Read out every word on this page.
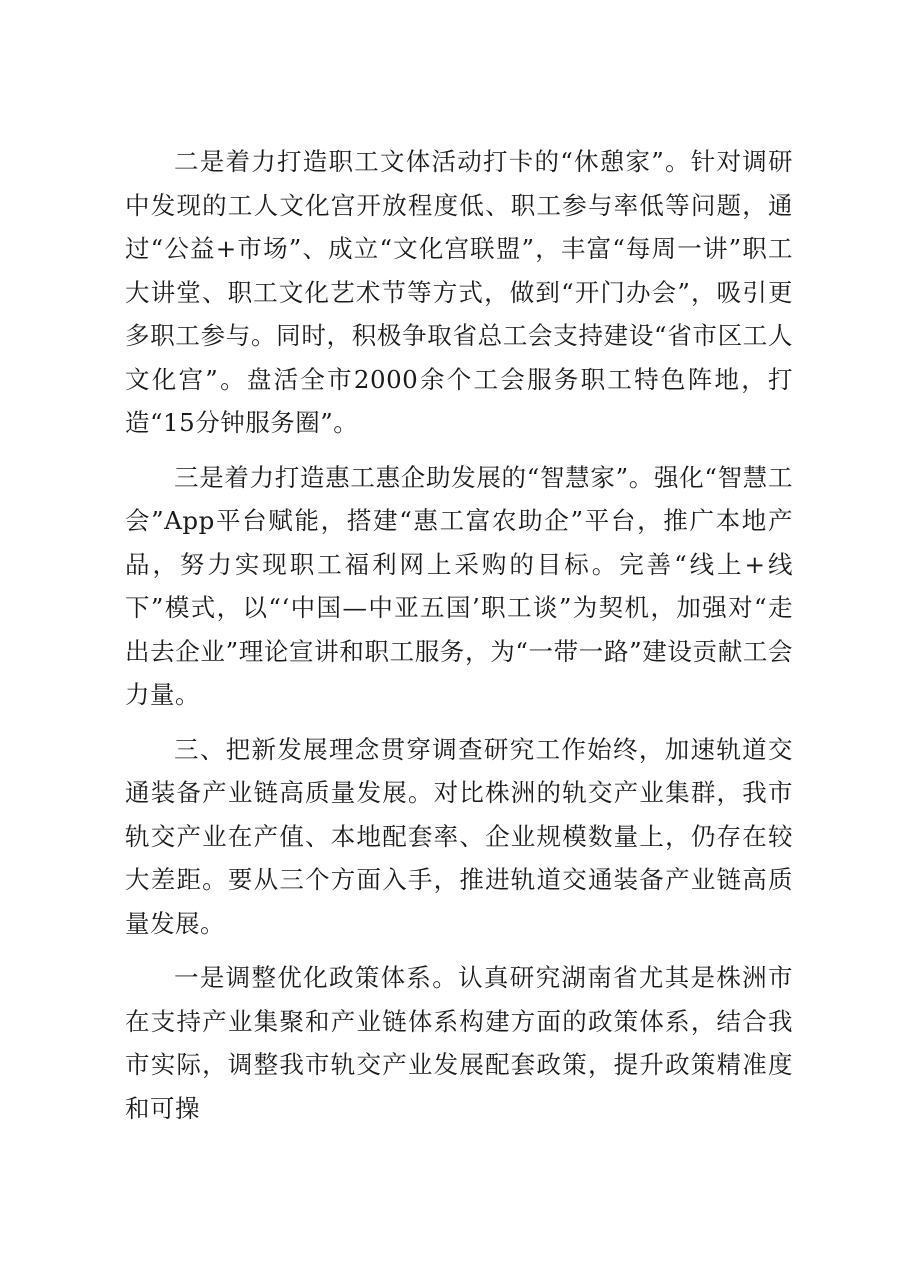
二是着力打造职工文体活动打卡的“休憩家”。针对调研中发现的工人文化宫开放程度低、职工参与率低等问题，通过“公益+市场”、成立“文化宫联盟”，丰富“每周一讲”职工大讲堂、职工文化艺术节等方式，做到“开门办会”，吸引更多职工参与。同时，积极争取省总工会支持建设“省市区工人文化宫”。盘活全市2000余个工会服务职工特色阵地，打造“15分钟服务圈”。

三是着力打造惠工惠企助发展的“智慧家”。强化“智慧工会”App平台赋能，搭建“惠工富农助企”平台，推广本地产品，努力实现职工福利网上采购的目标。完善“线上+线下”模式，以“‘中国—中亚五国’职工谈”为契机，加强对“走出去企业”理论宣讲和职工服务，为“一带一路”建设贡献工会力量。

三、把新发展理念贯穿调查研究工作始终，加速轨道交通装备产业链高质量发展。对比株洲的轨交产业集群，我市轨交产业在产值、本地配套率、企业规模数量上，仍存在较大差距。要从三个方面入手，推进轨道交通装备产业链高质量发展。

一是调整优化政策体系。认真研究湖南省尤其是株洲市在支持产业集聚和产业链体系构建方面的政策体系，结合我市实际，调整我市轨交产业发展配套政策，提升政策精准度和可操
